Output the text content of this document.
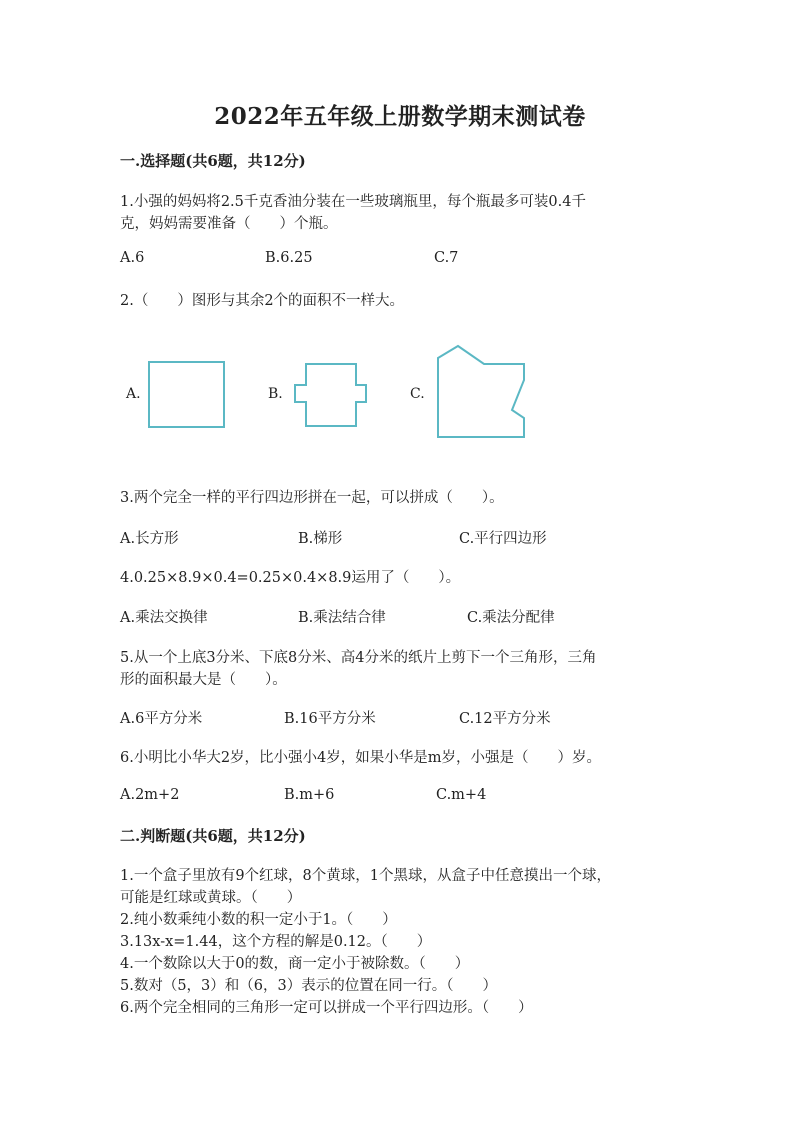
2022年五年级上册数学期末测试卷
一.选择题(共6题，共12分)
1.小强的妈妈将2.5千克香油分装在一些玻璃瓶里，每个瓶最多可装0.4千
克，妈妈需要准备（　　）个瓶。
A.6	B.6.25	C.7
2.（　　）图形与其余2个的面积不一样大。
A.	B.	C.
3.两个完全一样的平行四边形拼在一起，可以拼成（　　）。
A.长方形	B.梯形	C.平行四边形
4.0.25×8.9×0.4=0.25×0.4×8.9运用了（　　）。
A.乘法交换律	B.乘法结合律	C.乘法分配律
5.从一个上底3分米、下底8分米、高4分米的纸片上剪下一个三角形，三角
形的面积最大是（　　）。
A.6平方分米	B.16平方分米	C.12平方分米
6.小明比小华大2岁，比小强小4岁，如果小华是m岁，小强是（　　）岁。
A.2m+2	B.m+6	C.m+4
二.判断题(共6题，共12分)
1.一个盒子里放有9个红球，8个黄球，1个黑球，从盒子中任意摸出一个球，
可能是红球或黄球。（　　）
2.纯小数乘纯小数的积一定小于1。（　　）
3.13x-x=1.44，这个方程的解是0.12。（　　）
4.一个数除以大于0的数，商一定小于被除数。（　　）
5.数对（5，3）和（6，3）表示的位置在同一行。（　　）
6.两个完全相同的三角形一定可以拼成一个平行四边形。（　　）
